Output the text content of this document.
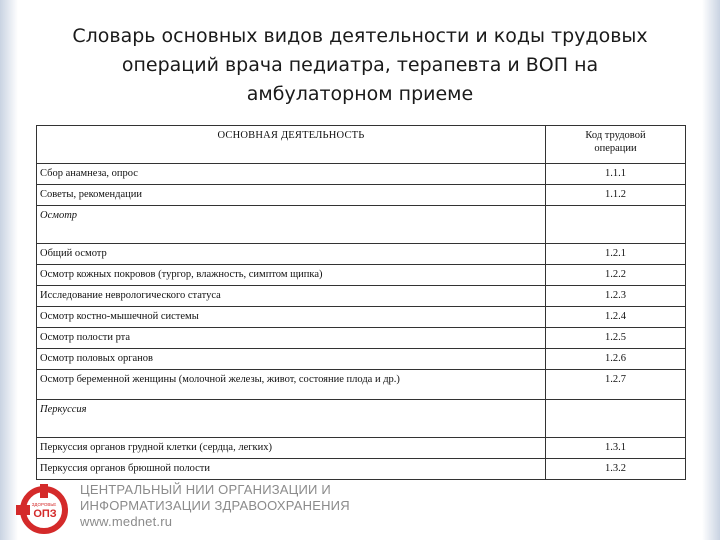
Словарь основных видов деятельности и коды трудовых
операций врача педиатра, терапевта и ВОП на
амбулаторном приеме
ОСНОВНАЯ ДЕЯТЕЛЬНОСТЬ	Код трудовой
операции
Сбор анамнеза, опрос	1.1.1
Советы, рекомендации	1.1.2
Осмотр	
Общий осмотр	1.2.1
Осмотр кожных покровов (тургор, влажность, симптом щипка)	1.2.2
Исследование неврологического статуса	1.2.3
Осмотр костно-мышечной системы	1.2.4
Осмотр полости рта	1.2.5
Осмотр половых органов	1.2.6
Осмотр беременной женщины (молочной железы, живот, состояние плода и др.)	1.2.7
Перкуссия	
Перкуссия органов грудной клетки (сердца, легких)	1.3.1
Перкуссия органов брюшной полости	1.3.2
ЗДОРОВЬЕ
ОПЗ
ЦЕНТРАЛЬНЫЙ НИИ ОРГАНИЗАЦИИ И
ИНФОРМАТИЗАЦИИ ЗДРАВООХРАНЕНИЯ
www.mednet.ru
